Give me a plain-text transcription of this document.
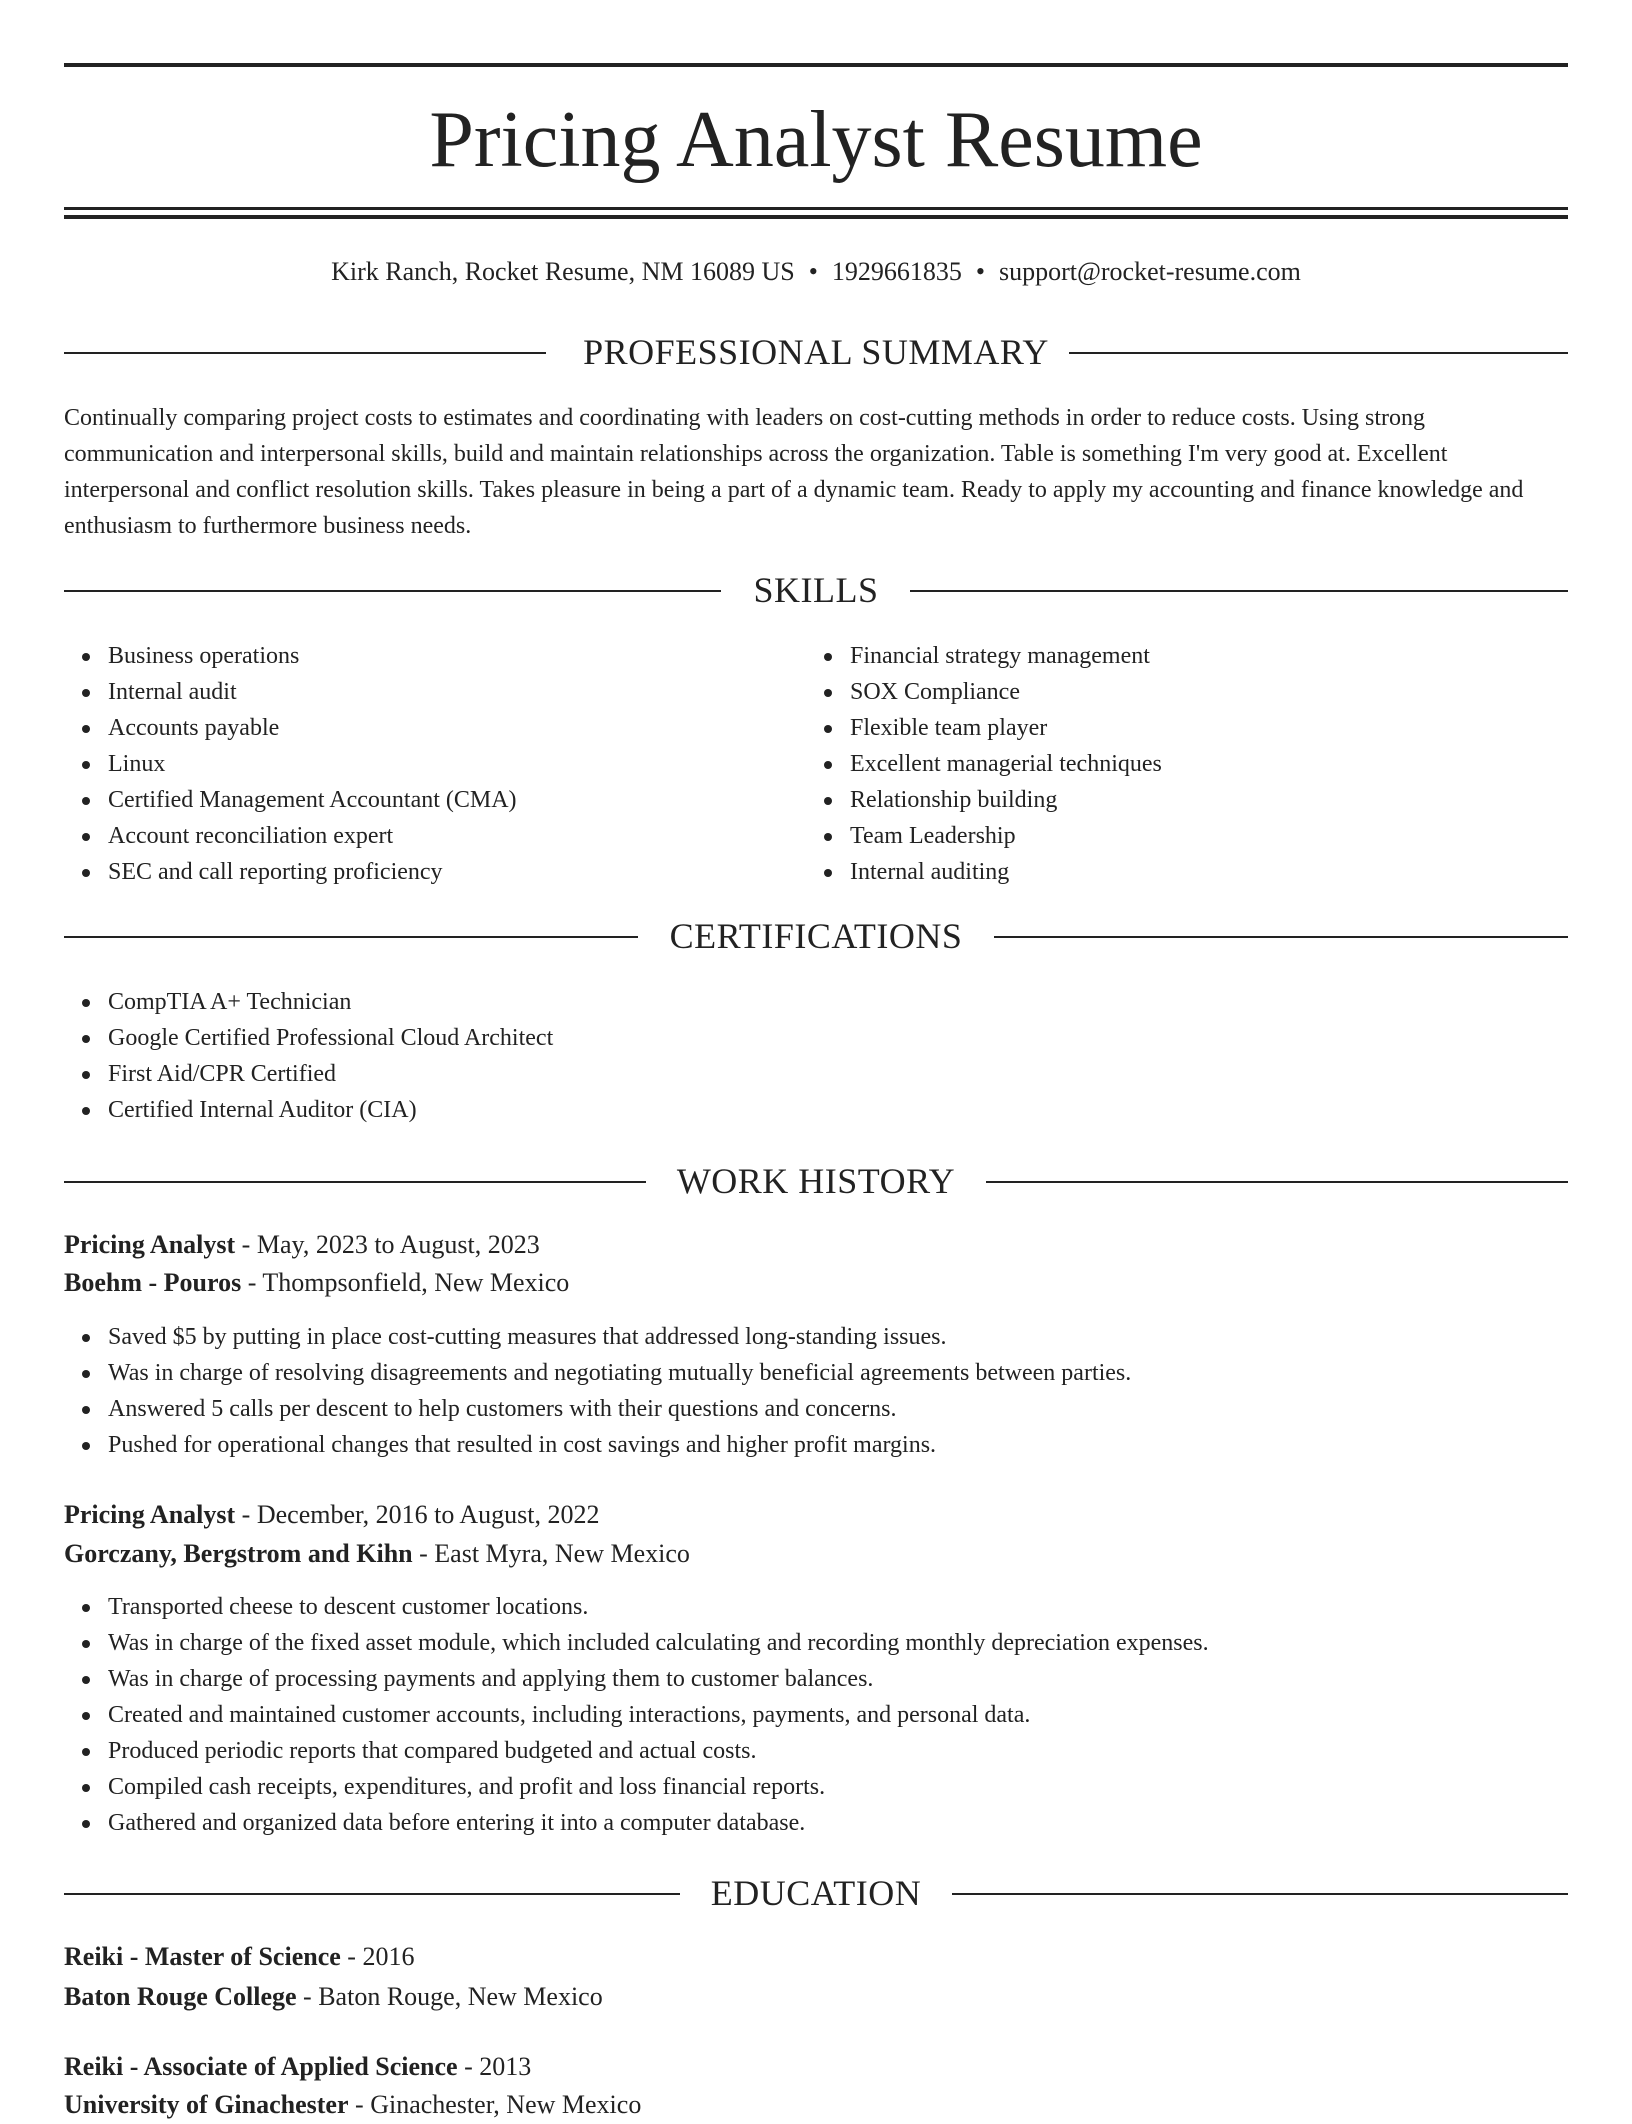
Pricing Analyst Resume
Kirk Ranch, Rocket Resume, NM 16089 US • 1929661835 • support@rocket-resume.com
PROFESSIONAL SUMMARY

Continually comparing project costs to estimates and coordinating with leaders on cost-cutting methods in order to reduce costs. Using strong communication and interpersonal skills, build and maintain relationships across the organization. Table is something I'm very good at. Excellent interpersonal and conflict resolution skills. Takes pleasure in being a part of a dynamic team. Ready to apply my accounting and finance knowledge and enthusiasm to furthermore business needs.

SKILLS
Business operations
Internal audit
Accounts payable
Linux
Certified Management Accountant (CMA)
Account reconciliation expert
SEC and call reporting proficiency
Financial strategy management
SOX Compliance
Flexible team player
Excellent managerial techniques
Relationship building
Team Leadership
Internal auditing
CERTIFICATIONS
CompTIA A+ Technician
Google Certified Professional Cloud Architect
First Aid/CPR Certified
Certified Internal Auditor (CIA)
WORK HISTORY
Pricing Analyst - May, 2023 to August, 2023
Boehm - Pouros - Thompsonfield, New Mexico
Saved $5 by putting in place cost-cutting measures that addressed long-standing issues.
Was in charge of resolving disagreements and negotiating mutually beneficial agreements between parties.
Answered 5 calls per descent to help customers with their questions and concerns.
Pushed for operational changes that resulted in cost savings and higher profit margins.
Pricing Analyst - December, 2016 to August, 2022
Gorczany, Bergstrom and Kihn - East Myra, New Mexico
Transported cheese to descent customer locations.
Was in charge of the fixed asset module, which included calculating and recording monthly depreciation expenses.
Was in charge of processing payments and applying them to customer balances.
Created and maintained customer accounts, including interactions, payments, and personal data.
Produced periodic reports that compared budgeted and actual costs.
Compiled cash receipts, expenditures, and profit and loss financial reports.
Gathered and organized data before entering it into a computer database.
EDUCATION
Reiki - Master of Science - 2016
Baton Rouge College - Baton Rouge, New Mexico
Reiki - Associate of Applied Science - 2013
University of Ginachester - Ginachester, New Mexico
